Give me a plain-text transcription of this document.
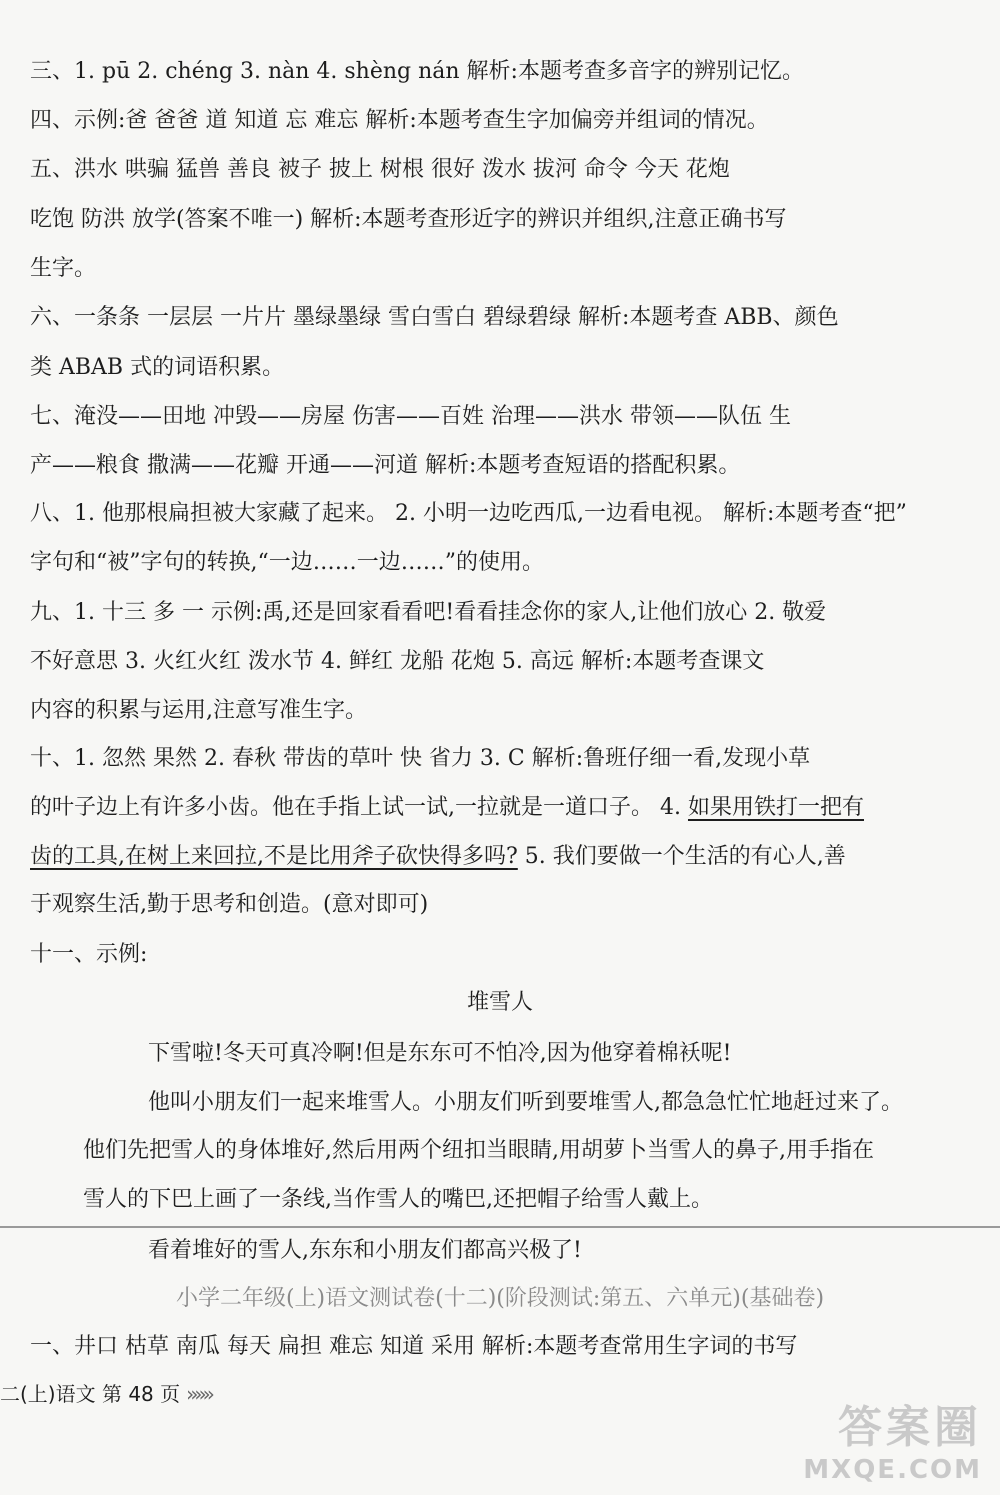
三、1. pū 2. chéng 3. nàn 4. shèng nán 解析:本题考查多音字的辨别记忆。
四、示例:爸 爸爸 道 知道 忘 难忘 解析:本题考查生字加偏旁并组词的情况。
五、洪水 哄骗 猛兽 善良 被子 披上 树根 很好 泼水 拔河 命令 今天 花炮
吃饱 防洪 放学(答案不唯一) 解析:本题考查形近字的辨识并组织,注意正确书写
生字。
六、一条条 一层层 一片片 墨绿墨绿 雪白雪白 碧绿碧绿 解析:本题考查 ABB、颜色
类 ABAB 式的词语积累。
七、淹没——田地 冲毁——房屋 伤害——百姓 治理——洪水 带领——队伍 生
产——粮食 撒满——花瓣 开通——河道 解析:本题考查短语的搭配积累。
八、1. 他那根扁担被大家藏了起来。 2. 小明一边吃西瓜,一边看电视。 解析:本题考查“把”
字句和“被”字句的转换,“一边……一边……”的使用。
九、1. 十三 多 一 示例:禹,还是回家看看吧!看看挂念你的家人,让他们放心 2. 敬爱
不好意思 3. 火红火红 泼水节 4. 鲜红 龙船 花炮 5. 高远 解析:本题考查课文
内容的积累与运用,注意写准生字。
十、1. 忽然 果然 2. 春秋 带齿的草叶 快 省力 3. C 解析:鲁班仔细一看,发现小草
的叶子边上有许多小齿。他在手指上试一试,一拉就是一道口子。 4. 如果用铁打一把有
齿的工具,在树上来回拉,不是比用斧子砍快得多吗? 5. 我们要做一个生活的有心人,善
于观察生活,勤于思考和创造。(意对即可)
十一、示例:
堆雪人
下雪啦!冬天可真冷啊!但是东东可不怕冷,因为他穿着棉袄呢!
他叫小朋友们一起来堆雪人。小朋友们听到要堆雪人,都急急忙忙地赶过来了。
他们先把雪人的身体堆好,然后用两个纽扣当眼睛,用胡萝卜当雪人的鼻子,用手指在
雪人的下巴上画了一条线,当作雪人的嘴巴,还把帽子给雪人戴上。
看着堆好的雪人,东东和小朋友们都高兴极了!
小学二年级(上)语文测试卷(十二)(阶段测试:第五、六单元)(基础卷)
一、井口 枯草 南瓜 每天 扁担 难忘 知道 采用 解析:本题考查常用生字词的书写
二(上)语文 第 48 页 »»»
答案圈
MXQE.COM
